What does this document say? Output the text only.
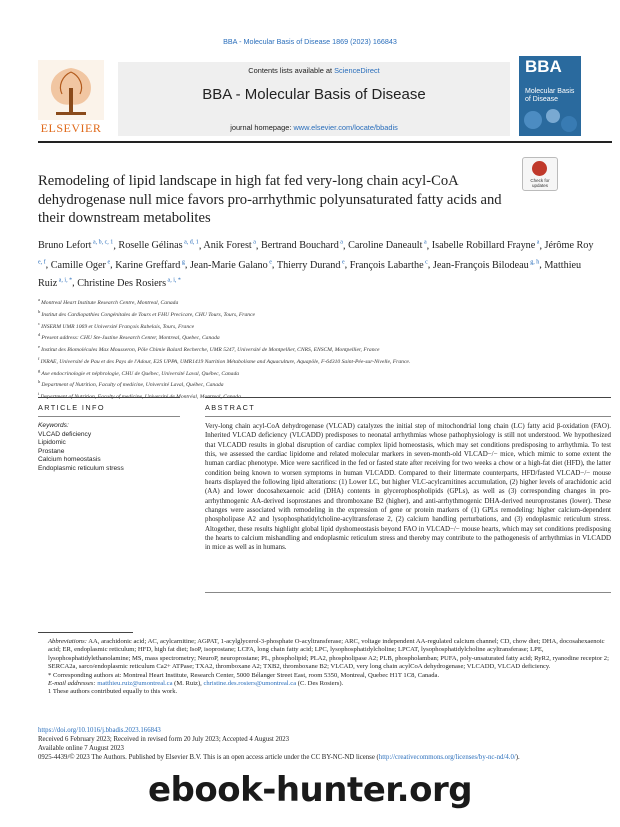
BBA - Molecular Basis of Disease 1869 (2023) 166843
ELSEVIER
Contents lists available at ScienceDirect
BBA - Molecular Basis of Disease
journal homepage: www.elsevier.com/locate/bbadis
BBA
Molecular Basis of Disease
Check for
updates
Remodeling of lipid landscape in high fat fed very-long chain acyl-CoA dehydrogenase null mice favors pro-arrhythmic polyunsaturated fatty acids and their downstream metabolites
Bruno Lefort $^{a, b, c, 1}$, Roselle Gélinas $^{a, d, 1}$, Anik Forest $^a$, Bertrand Bouchard $^a$, Caroline Daneault $^a$, Isabelle Robillard Frayne $^a$, Jérôme Roy $^{e, f}$, Camille Oger $^e$, Karine Greffard $^g$, Jean-Marie Galano $^e$, Thierry Durand $^e$, François Labarthe $^c$, Jean-François Bilodeau $^{g, h}$, Matthieu Ruiz $^{a, i, *}$, Christine Des Rosiers $^{a, i, *}$
$^a$ Montreal Heart Institute Research Centre, Montreal, Canada
$^b$ Institut des Cardiopathies Congénitales de Tours et FHU Precicare, CHU Tours, Tours, France
$^c$ INSERM UMR 1069 et Université François Rabelais, Tours, France
$^d$ Present address: CHU Ste-Justine Research Center, Montreal, Quebec, Canada
$^e$ Institut des Biomolécules Max Mousseron, Pôle Chimie Balard Recherche, UMR 5247, Université de Montpellier, CNRS, ENSCM, Montpellier, France
$^f$ INRAE, Université de Pau et des Pays de l'Adour, E2S UPPA, UMR1419 Nutrition Métabolisme and Aquaculture, Aquapôle, F-64310 Saint-Pée-sur-Nivelle, France.
$^g$ Axe endocrinologie et néphrologie, CHU de Québec, Université Laval, Québec, Canada
$^h$ Department of Nutrition, Faculty of medicine, Université Laval, Québec, Canada
$^i$ Montréal,
ARTICLE INFO	ABSTRACT
Keywords:
VLCAD deficiency
Lipidomic
Prostane
Calcium homeostasis
Endoplasmic reticulum stress
Very-long chain acyl-CoA dehydrogenase (VLCAD) catalyzes the initial step of mitochondrial long chain (LC) fatty acid β-oxidation (FAO). Inherited VLCAD deficiency (VLCADD) predisposes to neonatal arrhythmias whose pathophysiology is still not understood. We hypothesized that VLCADD results in global disruption of cardiac complex lipid homeostasis, which may set conditions predisposing to arrhythmia. To test this, we assessed the cardiac lipidome and related molecular markers in seven-month-old VLCAD−/− mice, which mimic to some extent the human cardiac phenotype. Mice were sacrificed in the fed or fasted state after receiving for two weeks a chow or a high-fat diet (HFD), the latter condition being known to worsen symptoms in human VLCADD. Compared to their littermate counterparts, HFD/fasted VLCAD−/− mouse hearts displayed the following lipid alterations: (1) Lower LC, but higher VLC-acylcarnitines accumulation, (2) higher levels of arachidonic acid (AA) and lower docosahexaenoic acid (DHA) contents in glycerophospholipids (GPLs), as well as (3) corresponding changes in pro-arrhythmogenic AA-derived isoprostanes and thromboxane B2 (higher), and anti-arrhythmogenic DHA-derived neuroprostanes (lower). These changes were associated with remodeling in the expression of gene or protein markers of (1) GPLs remodeling: higher calcium-dependent phospholipase A2 and lysophosphatidylcholine-acyltransferase 2, (2) calcium handling perturbations, and (3) endoplasmic reticulum stress. Altogether, these results highlight global lipid dyshomeostasis beyond FAO in VLCAD−/− mouse hearts, which may set conditions predisposing the hearts to calcium mishandling and endoplasmic reticulum stress and thereby may contribute to the pathogenesis of arrhythmias in VLCADD in mice as well as in humans.
Abbreviations: AA, arachidonic acid; AC, acylcarnitine; AGPAT, 1-acylglycerol-3-phosphate O-acyltransferase; ARC, voltage independent AA-regulated calcium channel; CD, chow diet; DHA, docosahexaenoic acid; ER, endoplasmic reticulum; HFD, high fat diet; IsoP, isoprostane; LCFA, long chain fatty acid; LPC, lysophosphatidylcholine; LPCAT, lysophosphatidylcholine acyltransferase; LPE, lysophosphatidylethanolamine; MS, mass spectrometry; NeuroP, neuroprostane; PL, phospholipid; PLA2, phospholipase A2; PLB, phospholamban; PUFA, poly-unsaturated fatty acid; RyR2, ryanodine receptor 2; SERCA2a, sarco/endoplasmic reticulum Ca2+ ATPase; TXA2, thromboxane A2; TXB2, thromboxane B2; VLCAD, very long chain acylCoA dehydrogenase; VLCADD, VLCAD deficiency.
* Corresponding authors at: Montreal Heart Institute, Research Center, 5000 Bélanger Street East, room 5350, Montreal, Quebec H1T 1C8, Canada.
E-mail addresses: matthieu.ruiz@umontreal.ca (M. Ruiz), christine.des.rosiers@umontreal.ca (C. Des Rosiers).
1 These authors contributed equally to this work.
https://doi.org/10.1016/j.bbadis.2023.166843
Received 6 February 2023; Received in revised form 20 July 2023; Accepted 4 August 2023
Available online 7 August 2023
0925-4439/© 2023 The Authors. Published by Elsevier B.V. This is an open access article under the CC BY-NC-ND license (http://creativecommons.org/licenses/by-nc-nd/4.0/).
ebook-hunter.org
